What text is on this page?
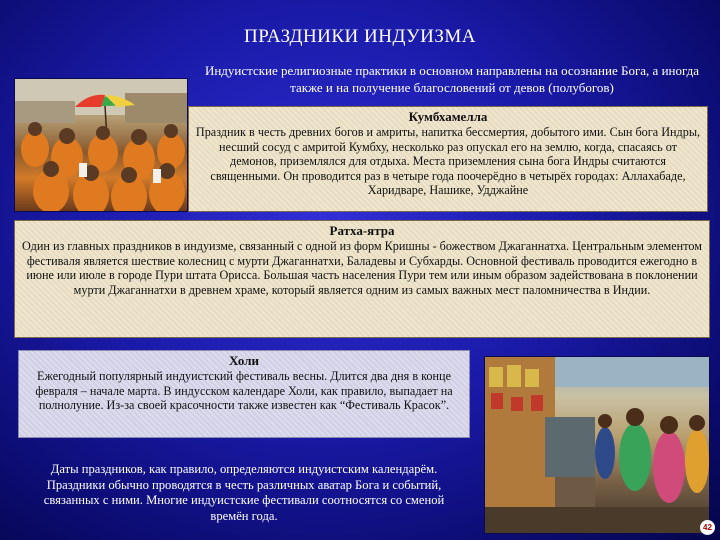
ПРАЗДНИКИ ИНДУИЗМА
Индуистские религиозные практики в основном направлены на осознание Бога, а иногда также и на получение благословений от девов (полубогов)
Кумбхамелла

Праздник в честь древних богов и амриты, напитка бессмертия, добытого ими. Сын бога Индры, несший сосуд с амритой Кумбху, несколько раз опускал его на землю, когда, спасаясь от демонов, приземлялся для отдыха. Места приземления сына бога Индры считаются священными. Он проводится раз в четыре года поочерёдно в четырёх городах: Аллахабаде, Харидваре, Нашике, Удджайне

Ратха-ятра

Один из главных праздников в индуизме, связанный с одной из форм Кришны - божеством Джаганнатха. Центральным элементом фестиваля является шествие колесниц с мурти Джаганнатхи, Баладевы и Субхарды. Основной фестиваль проводится ежегодно в июне или июле в городе Пури штата Орисса. Большая часть населения Пури тем или иным образом задействована в поклонении мурти Джаганнатхи в древнем храме, который является одним из самых важных мест паломничества в Индии.

Холи

Ежегодный популярный индуистский фестиваль весны. Длится два дня в конце февраля – начале марта. В индусском календаре Холи, как правило, выпадает на полнолуние. Из-за своей красочности также известен как “Фестиваль Красок”.

Даты праздников, как правило, определяются индуистским календарём. Праздники обычно проводятся в честь различных аватар Бога и событий, связанных с ними. Многие индуистские фестивали соотносятся со сменой времён года.
42
